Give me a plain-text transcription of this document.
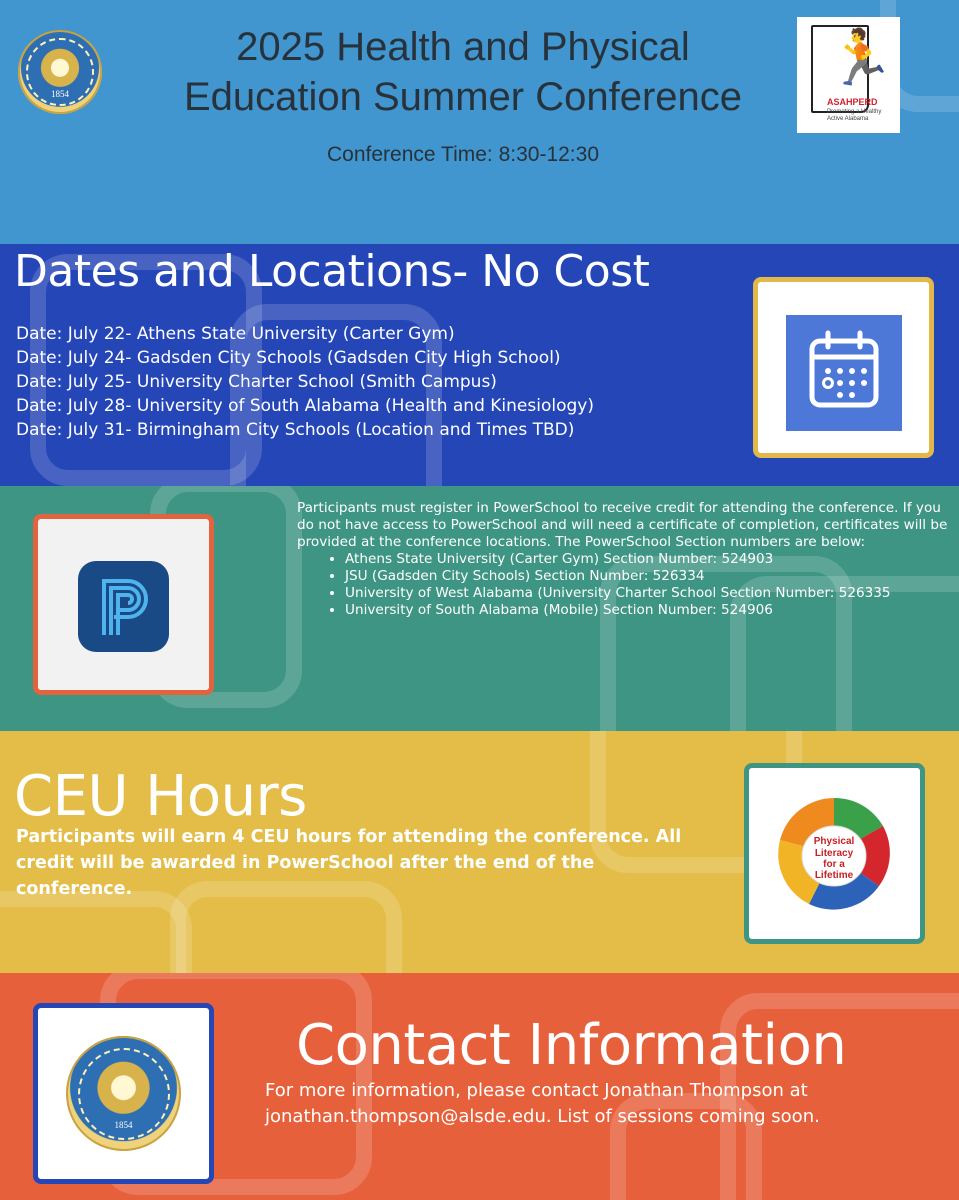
1854
2025 Health and Physical
Education Summer Conference
Conference Time: 8:30-12:30
🏃
ASAHPERD
Promoting a Healthy Active Alabama
Dates and Locations- No Cost
Date: July 22- Athens State University (Carter Gym)
Date: July 24- Gadsden City Schools (Gadsden City High School)
Date: July 25- University Charter School (Smith Campus)
Date: July 28- University of South Alabama (Health and Kinesiology)
Date: July 31- Birmingham City Schools (Location and Times TBD)

Participants must register in PowerSchool to receive credit for attending the conference. If you do not have access to PowerSchool and will need a certificate of completion, certificates will be provided at the conference locations. The PowerSchool Section numbers are below:

• Athens State University (Carter Gym) Section Number: 524903
• JSU (Gadsden City Schools) Section Number: 526334
• University of West Alabama (University Charter School Section Number: 526335
• University of South Alabama (Mobile) Section Number: 524906
CEU Hours
Participants will earn 4 CEU hours for attending the conference. All credit will be awarded in PowerSchool after the end of the conference.
Physical
Literacy
for a
Lifetime
1854
Contact Information
For more information, please contact Jonathan Thompson at jonathan.thompson@alsde.edu. List of sessions coming soon.
